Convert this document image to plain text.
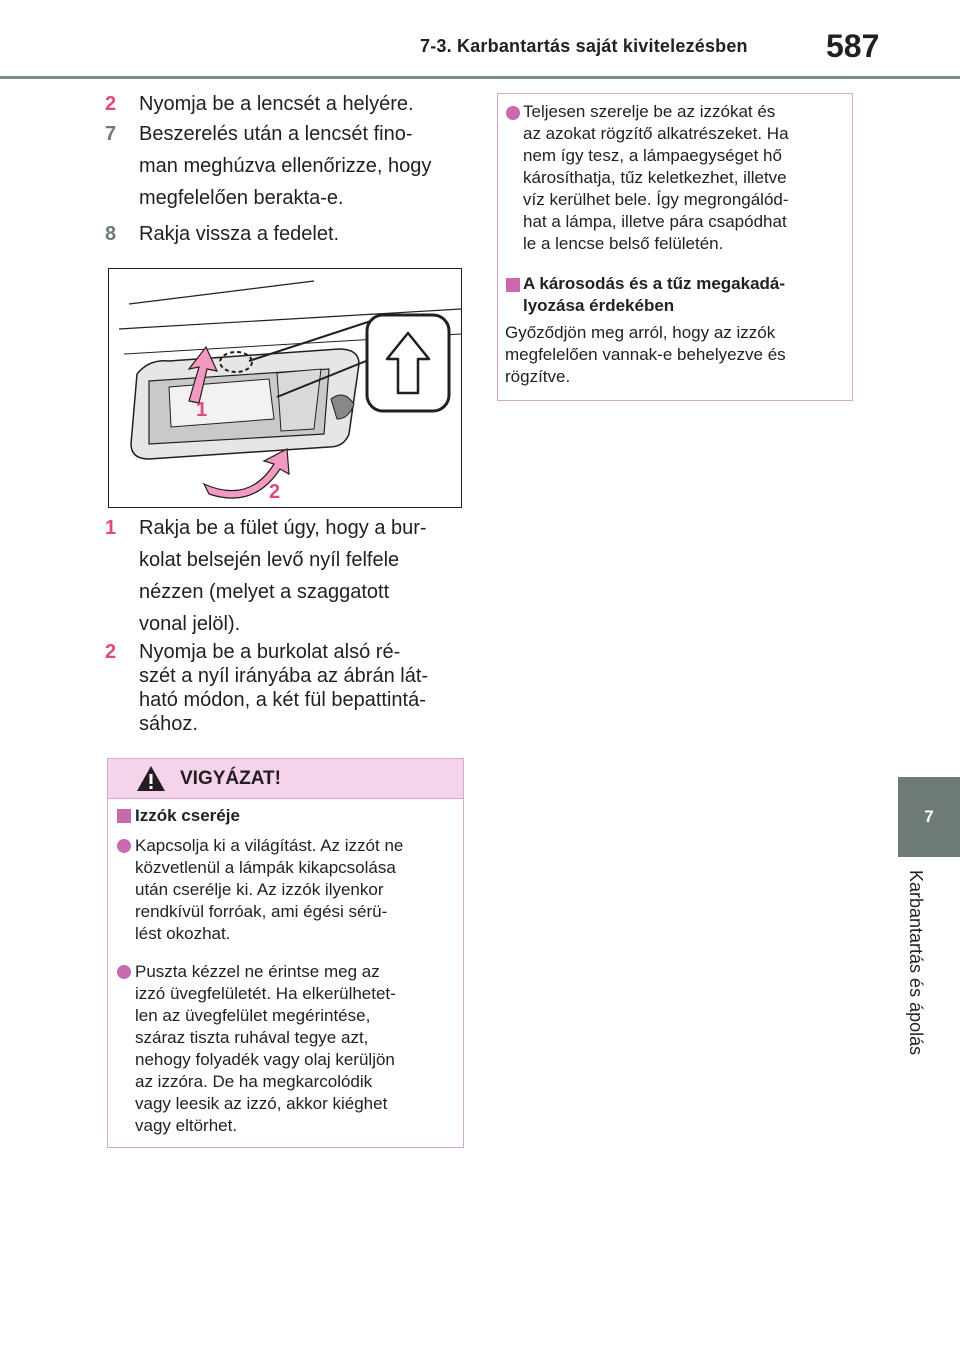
7-3. Karbantartás saját kivitelezésben 587
7
Karbantartás és ápolás
2	Nyomja be a lencsét a helyére.
7	Beszerelés után a lencsét fino-
man meghúzva ellenőrizze, hogy
megfelelően berakta-e.
8	Rakja vissza a fedelet.
1
2
1	Rakja be a fület úgy, hogy a bur-
kolat belsején levő nyíl felfele
nézzen (melyet a szaggatott
vonal jelöl).
2	Nyomja be a burkolat alsó ré-
szét a nyíl irányába az ábrán lát-
ható módon, a két fül bepattintá-
sához.
VIGYÁZAT!
Izzók cseréje
Kapcsolja ki a világítást. Az izzót ne
közvetlenül a lámpák kikapcsolása
után cserélje ki. Az izzók ilyenkor
rendkívül forróak, ami égési sérü-
lést okozhat.
Puszta kézzel ne érintse meg az
izzó üvegfelületét. Ha elkerülhetet-
len az üvegfelület megérintése,
száraz tiszta ruhával tegye azt,
nehogy folyadék vagy olaj kerüljön
az izzóra. De ha megkarcolódik
vagy leesik az izzó, akkor kiéghet
vagy eltörhet.
Teljesen szerelje be az izzókat és
az azokat rögzítő alkatrészeket. Ha
nem így tesz, a lámpaegységet hő
károsíthatja, tűz keletkezhet, illetve
víz kerülhet bele. Így megrongálód-
hat a lámpa, illetve pára csapódhat
le a lencse belső felületén.
A károsodás és a tűz megakadá-
lyozása érdekében
Győződjön meg arról, hogy az izzók
megfelelően vannak-e behelyezve és
rögzítve.
